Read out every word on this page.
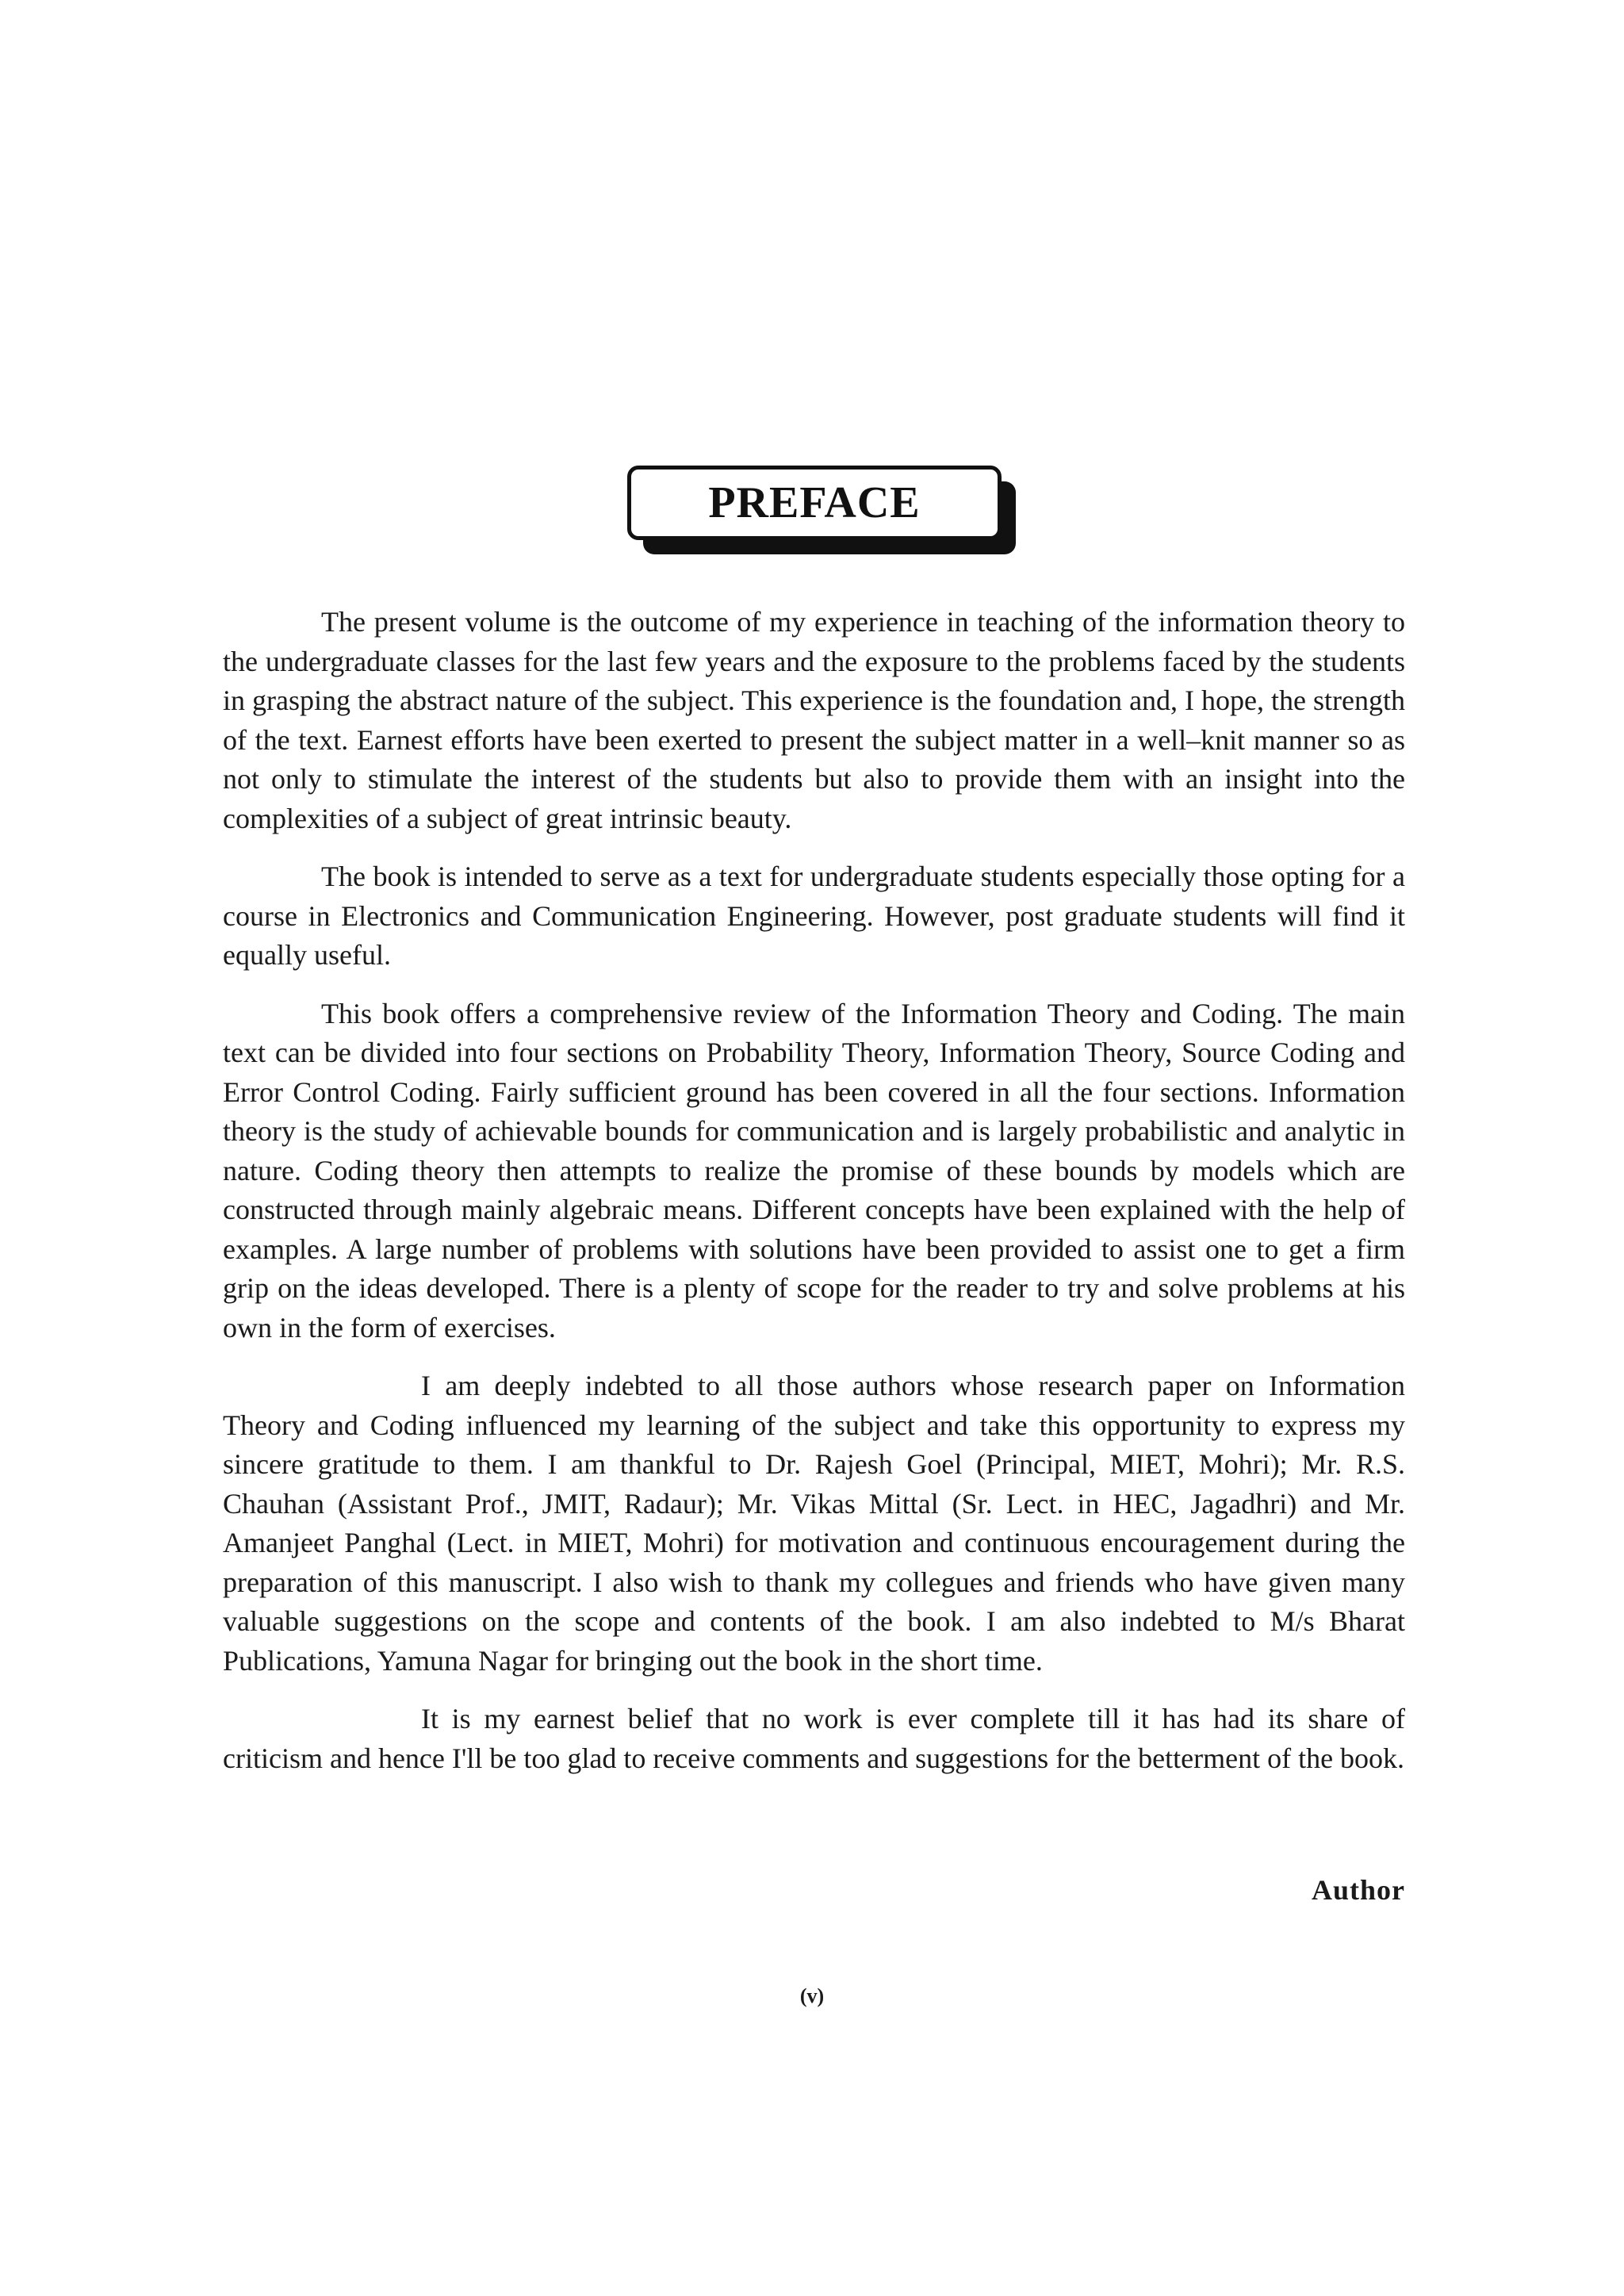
PREFACE

The present volume is the outcome of my experience in teaching of the information theory to the undergraduate classes for the last few years and the exposure to the problems faced by the students in grasping the abstract nature of the subject. This experience is the foundation and, I hope, the strength of the text. Earnest efforts have been exerted to present the subject matter in a well–knit manner so as not only to stimulate the interest of the students but also to provide them with an insight into the complexities of a subject of great intrinsic beauty.

The book is intended to serve as a text for undergraduate students especially those opting for a course in Electronics and Communication Engineering. However, post graduate students will find it equally useful.

This book offers a comprehensive review of the Information Theory and Coding. The main text can be divided into four sections on Probability Theory, Information Theory, Source Coding and Error Control Coding. Fairly sufficient ground has been covered in all the four sections. Information theory is the study of achievable bounds for communication and is largely probabilistic and analytic in nature. Coding theory then attempts to realize the promise of these bounds by models which are constructed through mainly algebraic means. Different concepts have been explained with the help of examples. A large number of problems with solutions have been provided to assist one to get a firm grip on the ideas developed. There is a plenty of scope for the reader to try and solve problems at his own in the form of exercises.

I am deeply indebted to all those authors whose research paper on Information Theory and Coding influenced my learning of the subject and take this opportunity to express my sincere gratitude to them. I am thankful to Dr. Rajesh Goel (Principal, MIET, Mohri); Mr. R.S. Chauhan (Assistant Prof., JMIT, Radaur); Mr. Vikas Mittal (Sr. Lect. in HEC, Jagadhri) and Mr. Amanjeet Panghal (Lect. in MIET, Mohri) for motivation and continuous encouragement during the preparation of this manuscript. I also wish to thank my collegues and friends who have given many valuable suggestions on the scope and contents of the book. I am also indebted to M/s Bharat Publications, Yamuna Nagar for bringing out the book in the short time.

It is my earnest belief that no work is ever complete till it has had its share of criticism and hence I'll be too glad to receive comments and suggestions for the betterment of the book.

Author
(v)
